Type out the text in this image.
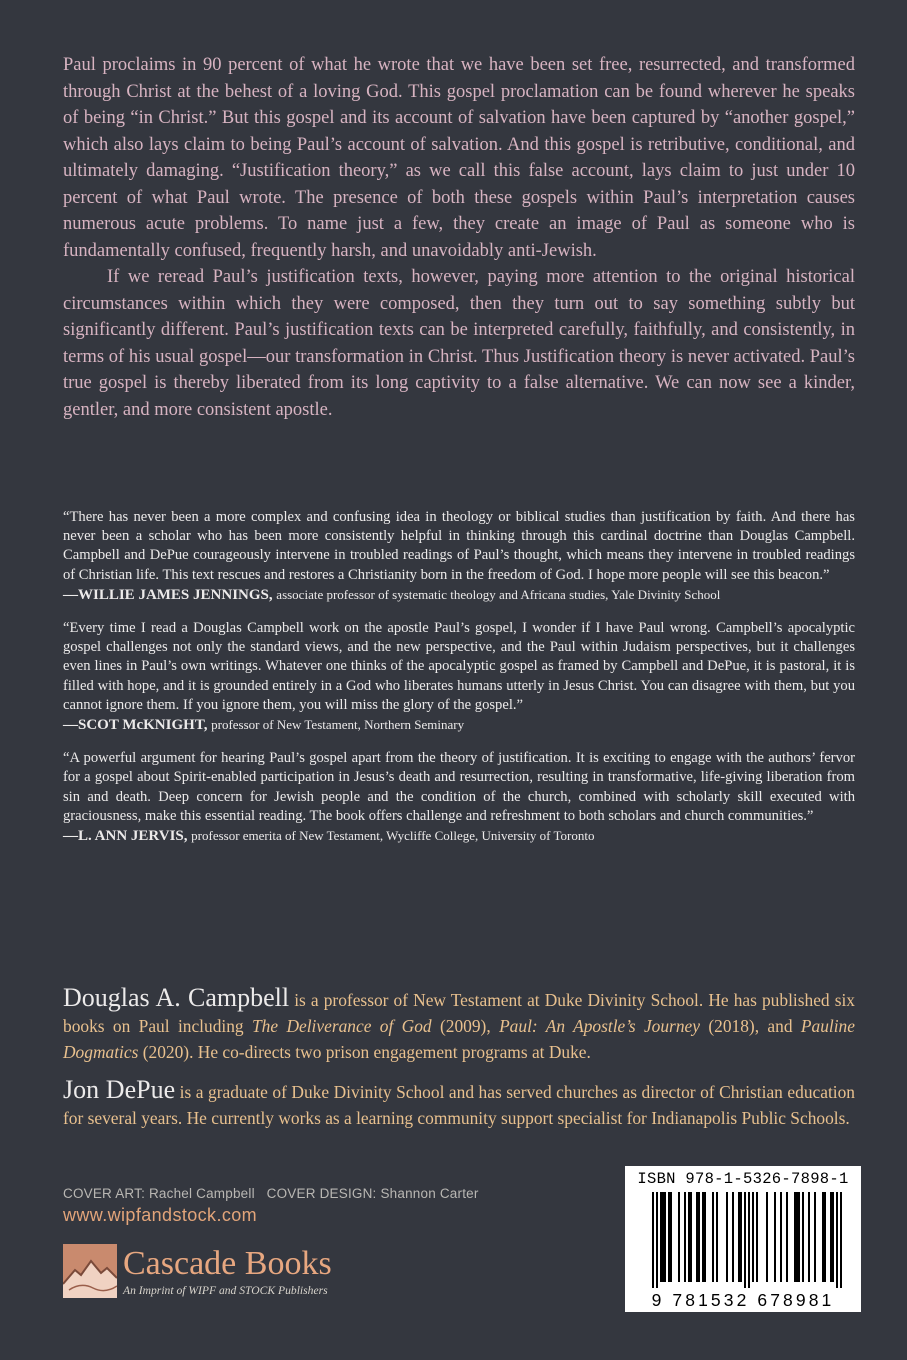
Paul proclaims in 90 percent of what he wrote that we have been set free, resurrected, and transformed through Christ at the behest of a loving God. This gospel proclamation can be found wherever he speaks of being “in Christ.” But this gospel and its account of salvation have been captured by “another gospel,” which also lays claim to being Paul’s account of salvation. And this gospel is retributive, conditional, and ultimately damaging. “Justification theory,” as we call this false account, lays claim to just under 10 percent of what Paul wrote. The presence of both these gospels within Paul’s interpretation causes numerous acute problems. To name just a few, they create an image of Paul as someone who is fundamentally confused, frequently harsh, and unavoidably anti-Jewish.

If we reread Paul’s justification texts, however, paying more attention to the original historical circumstances within which they were composed, then they turn out to say something subtly but significantly different. Paul’s justification texts can be interpreted carefully, faithfully, and consistently, in terms of his usual gospel—our transformation in Christ. Thus Justification theory is never activated. Paul’s true gospel is thereby liberated from its long captivity to a false alternative. We can now see a kinder, gentler, and more consistent apostle.

“There has never been a more complex and confusing idea in theology or biblical studies than justification by faith. And there has never been a scholar who has been more consistently helpful in thinking through this cardinal doctrine than Douglas Campbell. Campbell and DePue courageously intervene in troubled readings of Paul’s thought, which means they intervene in troubled readings of Christian life. This text rescues and restores a Christianity born in the freedom of God. I hope more people will see this beacon.”

—WILLIE JAMES JENNINGS, associate professor of systematic theology and Africana studies, Yale Divinity School

“Every time I read a Douglas Campbell work on the apostle Paul’s gospel, I wonder if I have Paul wrong. Campbell’s apocalyptic gospel challenges not only the standard views, and the new perspective, and the Paul within Judaism perspectives, but it challenges even lines in Paul’s own writings. Whatever one thinks of the apocalyptic gospel as framed by Campbell and DePue, it is pastoral, it is filled with hope, and it is grounded entirely in a God who liberates humans utterly in Jesus Christ. You can disagree with them, but you cannot ignore them. If you ignore them, you will miss the glory of the gospel.”

—SCOT McKNIGHT, professor of New Testament, Northern Seminary

“A powerful argument for hearing Paul’s gospel apart from the theory of justification. It is exciting to engage with the authors’ fervor for a gospel about Spirit-enabled participation in Jesus’s death and resurrection, resulting in transformative, life-giving liberation from sin and death. Deep concern for Jewish people and the condition of the church, combined with scholarly skill executed with graciousness, make this essential reading. The book offers challenge and refreshment to both scholars and church communities.”

—L. ANN JERVIS, professor emerita of New Testament, Wycliffe College, University of Toronto

Douglas A. Campbell is a professor of New Testament at Duke Divinity School. He has published six books on Paul including The Deliverance of God (2009), Paul: An Apostle’s Journey (2018), and Pauline Dogmatics (2020). He co-directs two prison engagement programs at Duke.

Jon DePue is a graduate of Duke Divinity School and has served churches as director of Christian education for several years. He currently works as a learning community support specialist for Indianapolis Public Schools.

COVER ART: Rachel Campbell COVER DESIGN: Shannon Carter
www.wipfandstock.com
Cascade Books
An Imprint of WIPF and STOCK Publishers
ISBN 978-1-5326-7898-1
9 781532 678981
